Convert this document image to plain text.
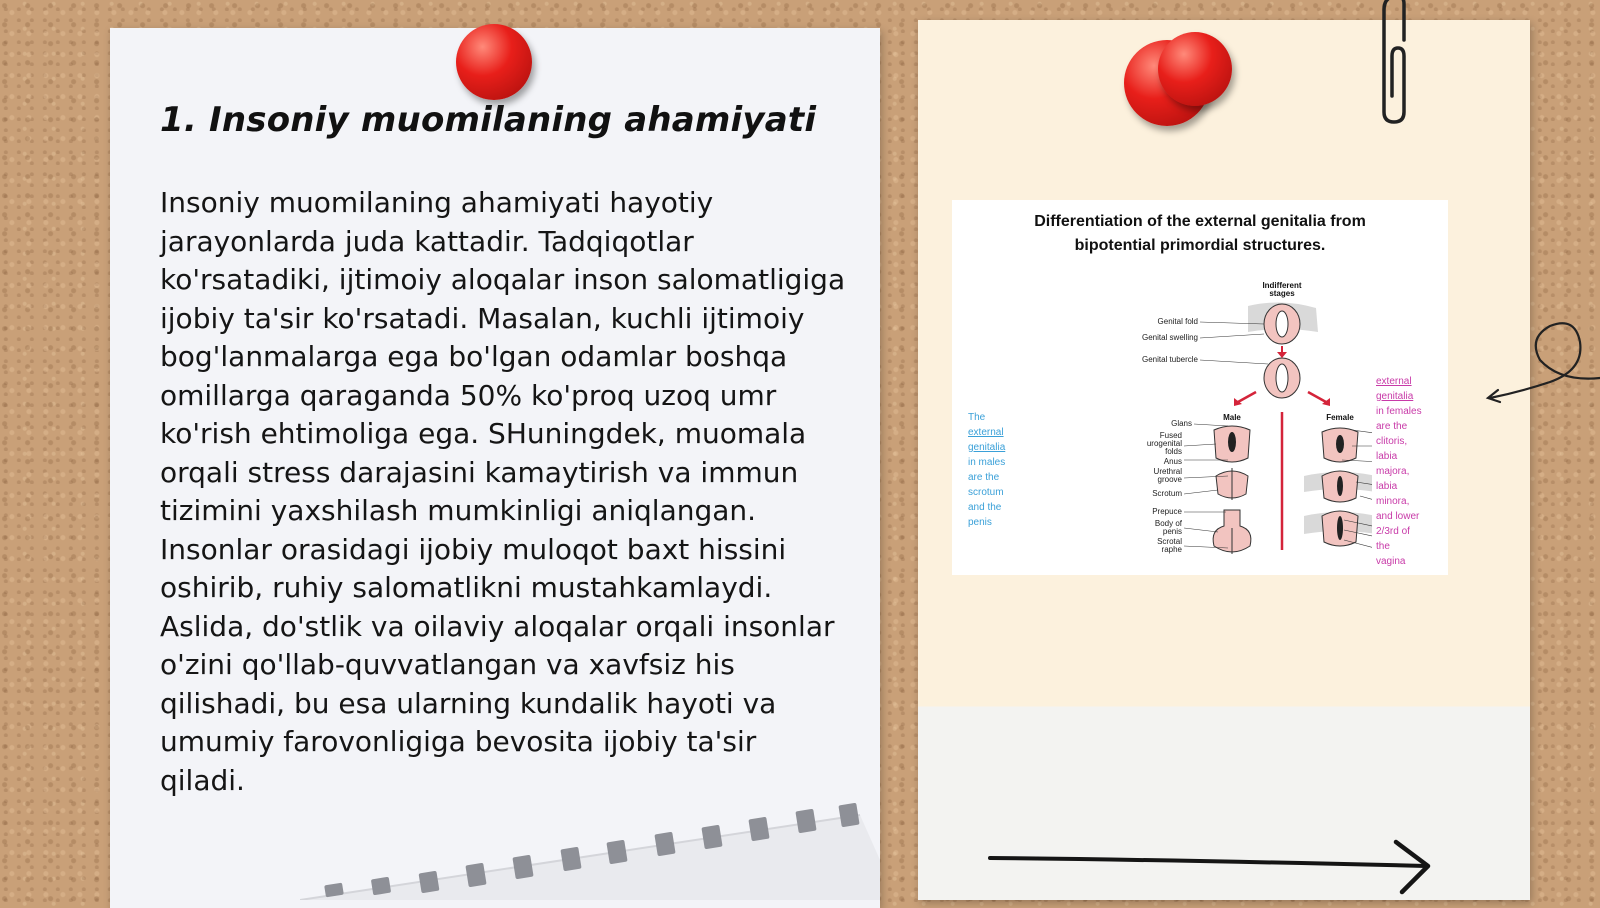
1. Insoniy muomilaning ahamiyati

Insoniy muomilaning ahamiyati hayotiy jarayonlarda juda kattadir. Tadqiqotlar ko'rsatadiki, ijtimoiy aloqalar inson salomatligiga ijobiy ta'sir ko'rsatadi. Masalan, kuchli ijtimoiy bog'lanmalarga ega bo'lgan odamlar boshqa omillarga qaraganda 50% ko'proq uzoq umr ko'rish ehtimoliga ega. SHuningdek, muomala orqali stress darajasini kamaytirish va immun tizimini yaxshilash mumkinligi aniqlangan. Insonlar orasidagi ijobiy muloqot baxt hissini oshirib, ruhiy salomatlikni mustahkamlaydi. Aslida, do'stlik va oilaviy aloqalar orqali insonlar o'zini qo'llab-quvvatlangan va xavfsiz his qilishadi, bu esa ularning kundalik hayoti va umumiy farovonligiga bevosita ijobiy ta'sir qiladi.

Differentiation of the external genitalia from
bipotential primordial structures.
The
external
genitalia
in males
are the
scrotum
and the
penis
external
genitalia
in females
are the
clitoris,
labia
majora,
labia
minora,
and lower
2/3rd of
the
vagina
Indifferent
stages
Genital fold
Genital swelling
Genital tubercle
Male	Female
Glans
Fused
urogenital
folds
Anus
Urethral
groove
Scrotum
Prepuce
Body of
penis
Scrotal
raphe
